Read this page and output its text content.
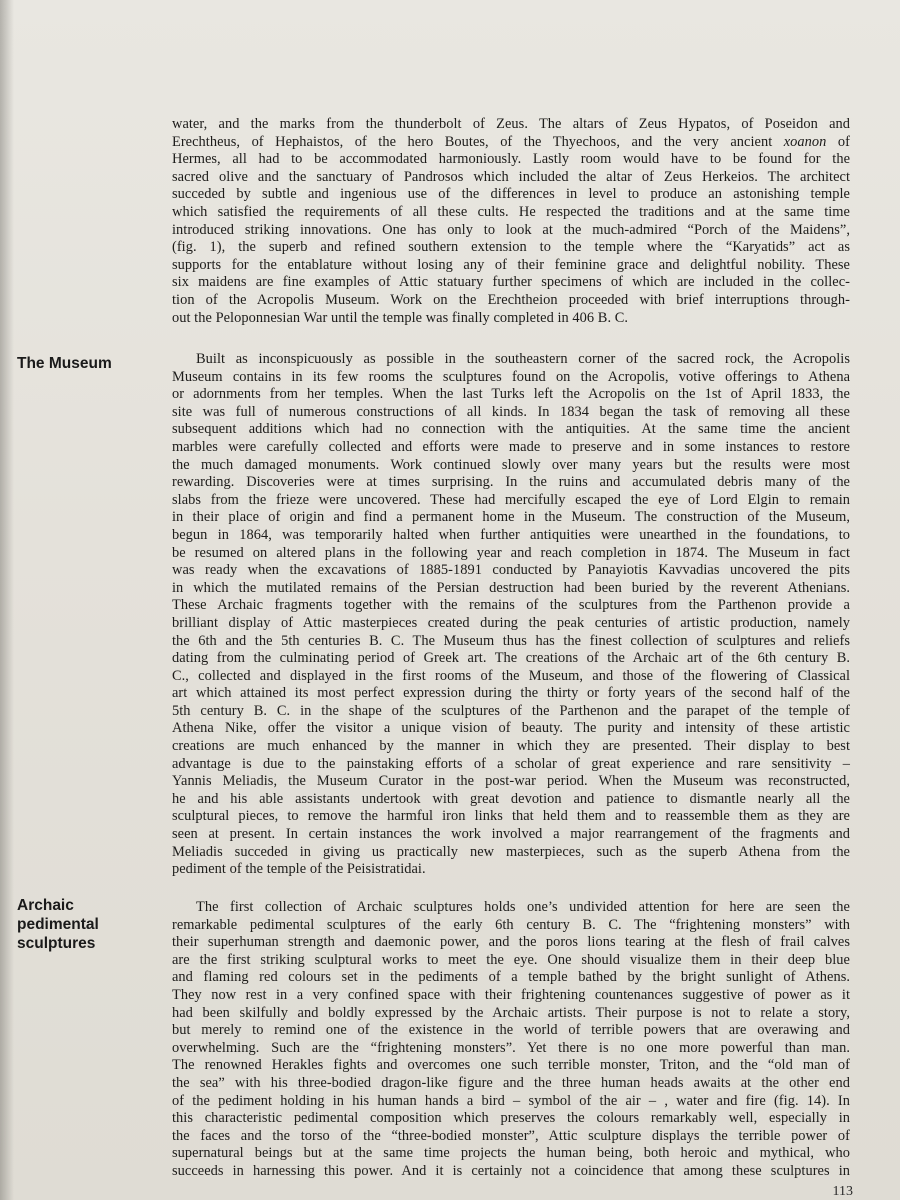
water, and the marks from the thunderbolt of Zeus. The altars of Zeus Hypatos, of Poseidon and
Erechtheus, of Hephaistos, of the hero Boutes, of the Thyechoos, and the very ancient xoanon of
Hermes, all had to be accommodated harmoniously. Lastly room would have to be found for the
sacred olive and the sanctuary of Pandrosos which included the altar of Zeus Herkeios. The architect
succeded by subtle and ingenious use of the differences in level to produce an astonishing temple
which satisfied the requirements of all these cults. He respected the traditions and at the same time
introduced striking innovations. One has only to look at the much-admired “Porch of the Maidens”,
(fig. 1), the superb and refined southern extension to the temple where the “Karyatids” act as
supports for the entablature without losing any of their feminine grace and delightful nobility. These
six maidens are fine examples of Attic statuary further specimens of which are included in the collec-
tion of the Acropolis Museum. Work on the Erechtheion proceeded with brief interruptions through-
out the Peloponnesian War until the temple was finally completed in 406 B. C.

The Museum	Built as inconspicuously as possible in the southeastern corner of the sacred rock, the Acropolis
Museum contains in its few rooms the sculptures found on the Acropolis, votive offerings to Athena
or adornments from her temples. When the last Turks left the Acropolis on the 1st of April 1833, the
site was full of numerous constructions of all kinds. In 1834 began the task of removing all these
subsequent additions which had no connection with the antiquities. At the same time the ancient
marbles were carefully collected and efforts were made to preserve and in some instances to restore
the much damaged monuments. Work continued slowly over many years but the results were most
rewarding. Discoveries were at times surprising. In the ruins and accumulated debris many of the
slabs from the frieze were uncovered. These had mercifully escaped the eye of Lord Elgin to remain
in their place of origin and find a permanent home in the Museum. The construction of the Museum,
begun in 1864, was temporarily halted when further antiquities were unearthed in the foundations, to
be resumed on altered plans in the following year and reach completion in 1874. The Museum in fact
was ready when the excavations of 1885-1891 conducted by Panayiotis Kavvadias uncovered the pits
in which the mutilated remains of the Persian destruction had been buried by the reverent Athenians.
These Archaic fragments together with the remains of the sculptures from the Parthenon provide a
brilliant display of Attic masterpieces created during the peak centuries of artistic production, namely
the 6th and the 5th centuries B. C. The Museum thus has the finest collection of sculptures and reliefs
dating from the culminating period of Greek art. The creations of the Archaic art of the 6th century B.
C., collected and displayed in the first rooms of the Museum, and those of the flowering of Classical
art which attained its most perfect expression during the thirty or forty years of the second half of the
5th century B. C. in the shape of the sculptures of the Parthenon and the parapet of the temple of
Athena Nike, offer the visitor a unique vision of beauty. The purity and intensity of these artistic
creations are much enhanced by the manner in which they are presented. Their display to best
advantage is due to the painstaking efforts of a scholar of great experience and rare sensitivity –
Yannis Meliadis, the Museum Curator in the post-war period. When the Museum was reconstructed,
he and his able assistants undertook with great devotion and patience to dismantle nearly all the
sculptural pieces, to remove the harmful iron links that held them and to reassemble them as they are
seen at present. In certain instances the work involved a major rearrangement of the fragments and
Meliadis succeded in giving us practically new masterpieces, such as the superb Athena from the
pediment of the temple of the Peisistratidai.

Archaic
pedimental
sculptures

The first collection of Archaic sculptures holds one’s undivided attention for here are seen the
remarkable pedimental sculptures of the early 6th century B. C. The “frightening monsters” with
their superhuman strength and daemonic power, and the poros lions tearing at the flesh of frail calves
are the first striking sculptural works to meet the eye. One should visualize them in their deep blue
and flaming red colours set in the pediments of a temple bathed by the bright sunlight of Athens.
They now rest in a very confined space with their frightening countenances suggestive of power as it
had been skilfully and boldly expressed by the Archaic artists. Their purpose is not to relate a story,
but merely to remind one of the existence in the world of terrible powers that are overawing and
overwhelming. Such are the “frightening monsters”. Yet there is no one more powerful than man.
The renowned Herakles fights and overcomes one such terrible monster, Triton, and the “old man of
the sea” with his three-bodied dragon-like figure and the three human heads awaits at the other end
of the pediment holding in his human hands a bird – symbol of the air – , water and fire (fig. 14). In
this characteristic pedimental composition which preserves the colours remarkably well, especially in
the faces and the torso of the “three-bodied monster”, Attic sculpture displays the terrible power of
supernatural beings but at the same time projects the human being, both heroic and mythical, who
succeeds in harnessing this power. And it is certainly not a coincidence that among these sculptures in

113
